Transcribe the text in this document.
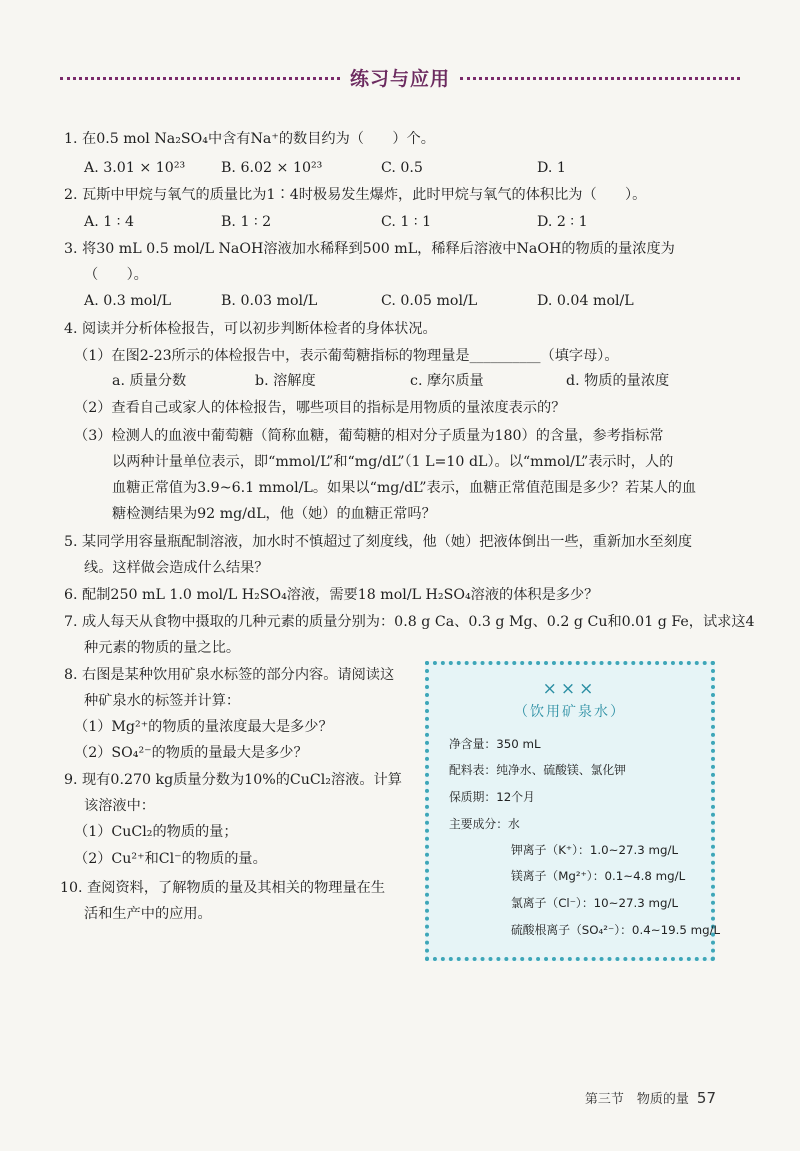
练习与应用
1. 在0.5 mol Na₂SO₄中含有Na⁺的数目约为（　　）个。
A. 3.01 × 10²³	B. 6.02 × 10²³	C. 0.5	D. 1
2. 瓦斯中甲烷与氧气的质量比为1∶4时极易发生爆炸，此时甲烷与氧气的体积比为（　　）。
A. 1 ∶ 4	B. 1 ∶ 2	C. 1 ∶ 1	D. 2 ∶ 1
3. 将30 mL 0.5 mol/L NaOH溶液加水稀释到500 mL，稀释后溶液中NaOH的物质的量浓度为
（　　）。
A. 0.3 mol/L	B. 0.03 mol/L	C. 0.05 mol/L	D. 0.04 mol/L
4. 阅读并分析体检报告，可以初步判断体检者的身体状况。
（1）在图2-23所示的体检报告中，表示葡萄糖指标的物理量是__________（填字母）。
a. 质量分数	b. 溶解度	c. 摩尔质量	d. 物质的量浓度
（2）查看自己或家人的体检报告，哪些项目的指标是用物质的量浓度表示的？
（3）检测人的血液中葡萄糖（简称血糖，葡萄糖的相对分子质量为180）的含量，参考指标常
以两种计量单位表示，即“mmol/L”和“mg/dL”（1 L=10 dL）。以“mmol/L”表示时，人的
血糖正常值为3.9~6.1 mmol/L。如果以“mg/dL”表示，血糖正常值范围是多少？若某人的血
糖检测结果为92 mg/dL，他（她）的血糖正常吗？
5. 某同学用容量瓶配制溶液，加水时不慎超过了刻度线，他（她）把液体倒出一些，重新加水至刻度
线。这样做会造成什么结果？
6. 配制250 mL 1.0 mol/L H₂SO₄溶液，需要18 mol/L H₂SO₄溶液的体积是多少？
7. 成人每天从食物中摄取的几种元素的质量分别为：0.8 g Ca、0.3 g Mg、0.2 g Cu和0.01 g Fe，试求这4
种元素的物质的量之比。
8. 右图是某种饮用矿泉水标签的部分内容。请阅读这
种矿泉水的标签并计算：
（1）Mg²⁺的物质的量浓度最大是多少？
（2）SO₄²⁻的物质的量最大是多少？
9. 现有0.270 kg质量分数为10%的CuCl₂溶液。计算
该溶液中：
（1）CuCl₂的物质的量；
（2）Cu²⁺和Cl⁻的物质的量。
10. 查阅资料，了解物质的量及其相关的物理量在生
活和生产中的应用。
×××
（饮用矿泉水）
净含量：350 mL
配料表：纯净水、硫酸镁、氯化钾
保质期：12个月
主要成分：水
钾离子（K⁺）：1.0~27.3 mg/L
镁离子（Mg²⁺）：0.1~4.8 mg/L
氯离子（Cl⁻）：10~27.3 mg/L
硫酸根离子（SO₄²⁻）：0.4~19.5 mg/L
第三节　物质的量 57
